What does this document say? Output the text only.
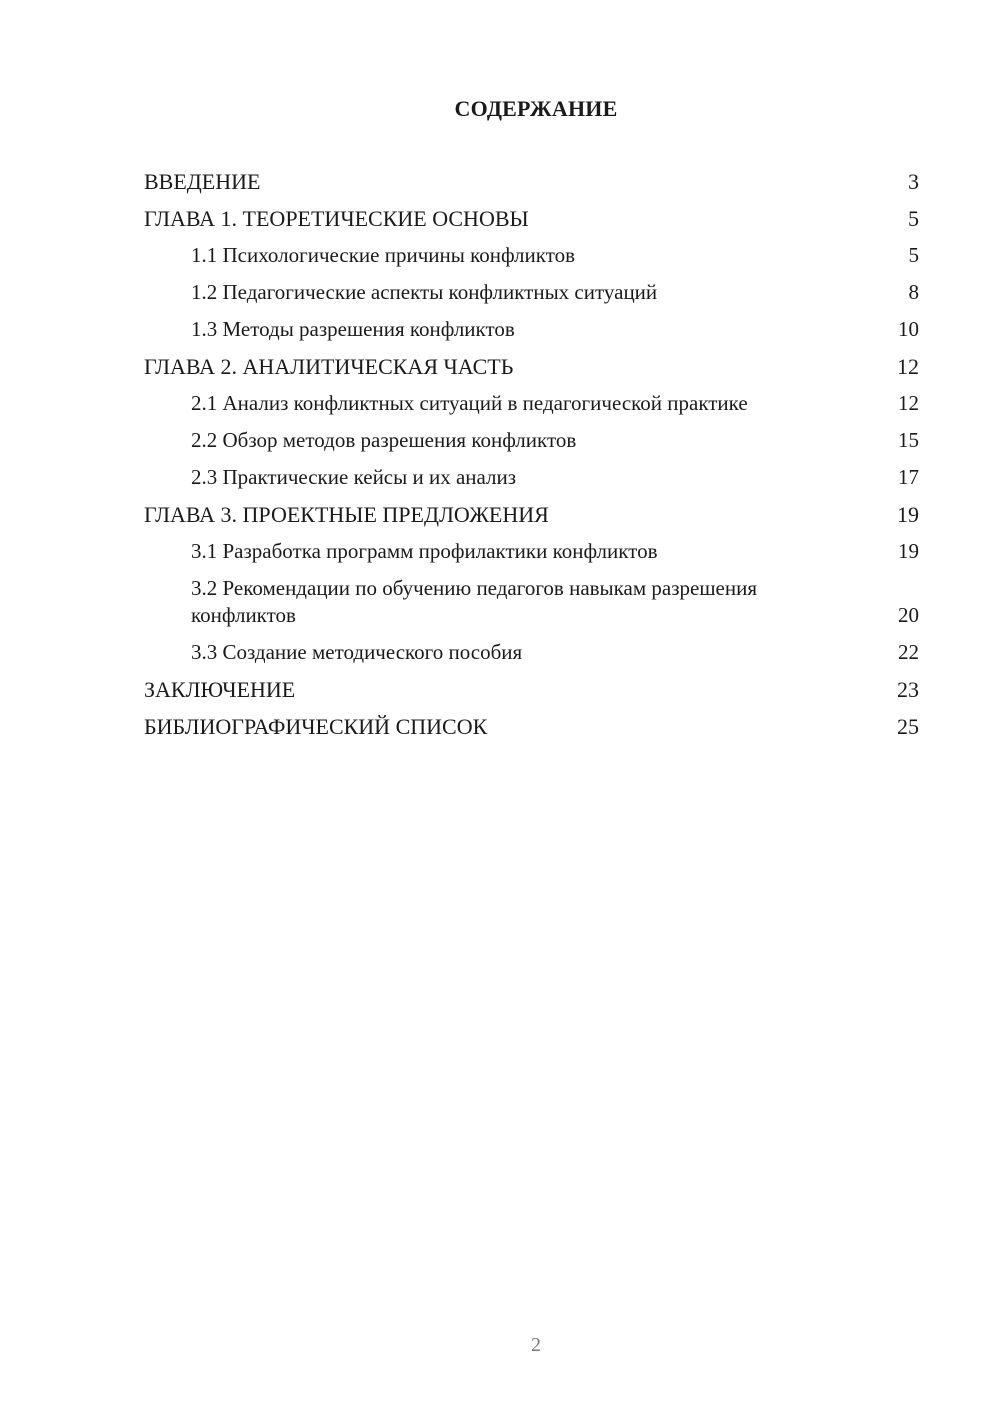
СОДЕРЖАНИЕ
ВВЕДЕНИЕ	3
ГЛАВА 1. ТЕОРЕТИЧЕСКИЕ ОСНОВЫ	5
1.1 Психологические причины конфликтов	5
1.2 Педагогические аспекты конфликтных ситуаций	8
1.3 Методы разрешения конфликтов	10
ГЛАВА 2. АНАЛИТИЧЕСКАЯ ЧАСТЬ	12
2.1 Анализ конфликтных ситуаций в педагогической практике	12
2.2 Обзор методов разрешения конфликтов	15
2.3 Практические кейсы и их анализ	17
ГЛАВА 3. ПРОЕКТНЫЕ ПРЕДЛОЖЕНИЯ	19
3.1 Разработка программ профилактики конфликтов	19
3.2 Рекомендации по обучению педагогов навыкам разрешения конфликтов	20
3.3 Создание методического пособия	22
ЗАКЛЮЧЕНИЕ	23
БИБЛИОГРАФИЧЕСКИЙ СПИСОК	25
2
